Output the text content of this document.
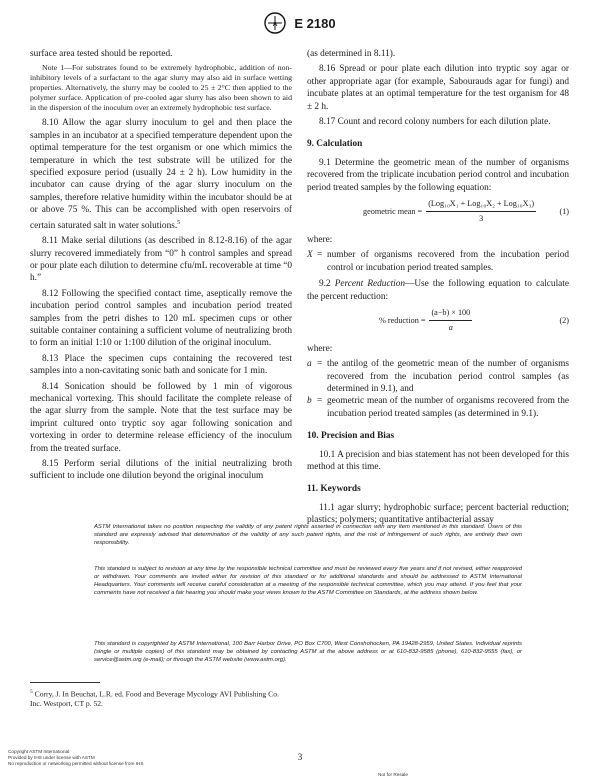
A E 2180

surface area tested should be reported.

Note 1—For substrates found to be extremely hydrophobic, addition of non-inhibitory levels of a surfactant to the agar slurry may also aid in surface wetting properties. Alternatively, the slurry may be cooled to 25 ± 2°C then applied to the polymer surface. Application of pre-cooled agar slurry has also been shown to aid in the dispersion of the inoculum over an extremely hydrophobic test surface.

8.10 Allow the agar slurry inoculum to gel and then place the samples in an incubator at a specified temperature dependent upon the optimal temperature for the test organism or one which mimics the temperature in which the test substrate will be utilized for the specified exposure period (usually 24 ± 2 h). Low humidity in the incubator can cause drying of the agar slurry inoculum on the samples, therefore relative humidity within the incubator should be at or above 75 %. This can be accomplished with open reservoirs of certain saturated salt in water solutions.$^5$

8.11 Make serial dilutions (as described in 8.12-8.16) of the agar slurry recovered immediately from “0” h control samples and spread or pour plate each dilution to determine cfu/mL recoverable at time “0 h.”

8.12 Following the specified contact time, aseptically remove the incubation period control samples and incubation period treated samples from the petri dishes to 120 mL specimen cups or other suitable container containing a sufficient volume of neutralizing broth to form an initial 1:10 or 1:100 dilution of the original inoculum.

8.13 Place the specimen cups containing the recovered test samples into a non-cavitating sonic bath and sonicate for 1 min.

8.14 Sonication should be followed by 1 min of vigorous mechanical vortexing. This should facilitate the complete release of the agar slurry from the sample. Note that the test surface may be imprint cultured onto tryptic soy agar following sonication and vortexing in order to determine release efficiency of the inoculum from the treated surface.

8.15 Perform serial dilutions of the initial neutralizing broth sufficient to include one dilution beyond the original inoculum

$^5$ Corry, J. In Beuchat, L.R. ed. Food and Beverage Mycology AVI Publishing Co. Inc. Westport, CT p. 52.

(as determined in 8.11).

8.16 Spread or pour plate each dilution into tryptic soy agar or other appropriate agar (for example, Sabourauds agar for fungi) and incubate plates at an optimal temperature for the test organism for 48 ± 2 h.

8.17 Count and record colony numbers for each dilution plate.

9. Calculation

9.1 Determine the geometric mean of the number of organisms recovered from the triplicate incubation period control and incubation period treated samples by the following equation:

geometric mean = $\frac{\text{(Log₁₀X₁ + Log₁₀X₂ + Log₁₀X₃)}}{3}$	(1)

where:

X = number of organisms recovered from the incubation period control or incubation period treated samples.

9.2 Percent Reduction—Use the following equation to calculate the percent reduction:

% reduction = $\frac{(a-b) \times 100}{a}$	(2)

where:

a = the antilog of the geometric mean of the number of organisms recovered from the incubation period control samples (as determined in 9.1), and
b = geometric mean of the number of organisms recovered from the incubation period treated samples (as determined in 9.1).
10. Precision and Bias

10.1 A precision and bias statement has not been developed for this method at this time.

11. Keywords

11.1 agar slurry; hydrophobic surface; percent bacterial reduction; plastics; polymers; quantitative antibacterial assay

ASTM International takes no position respecting the validity of any patent rights asserted in connection with any item mentioned in this standard. Users of this standard are expressly advised that determination of the validity of any such patent rights, and the risk of infringement of such rights, are entirely their own responsibility.
This standard is subject to revision at any time by the responsible technical committee and must be reviewed every five years and if not revised, either reapproved or withdrawn. Your comments are invited either for revision of this standard or for additional standards and should be addressed to ASTM International Headquarters. Your comments will receive careful consideration at a meeting of the responsible technical committee, which you may attend. If you feel that your comments have not received a fair hearing you should make your views known to the ASTM Committee on Standards, at the address shown below.
This standard is copyrighted by ASTM International, 100 Barr Harbor Drive, PO Box C700, West Conshohocken, PA 19428-2959, United States. Individual reprints (single or multiple copies) of this standard may be obtained by contacting ASTM at the above address or at 610-832-9585 (phone), 610-832-9555 (fax), or service@astm.org (e-mail); or through the ASTM website (www.astm.org).
Copyright ASTM International
Provided by IHS under license with ASTM
No reproduction or networking permitted without license from IHS
3
Not for Resale
